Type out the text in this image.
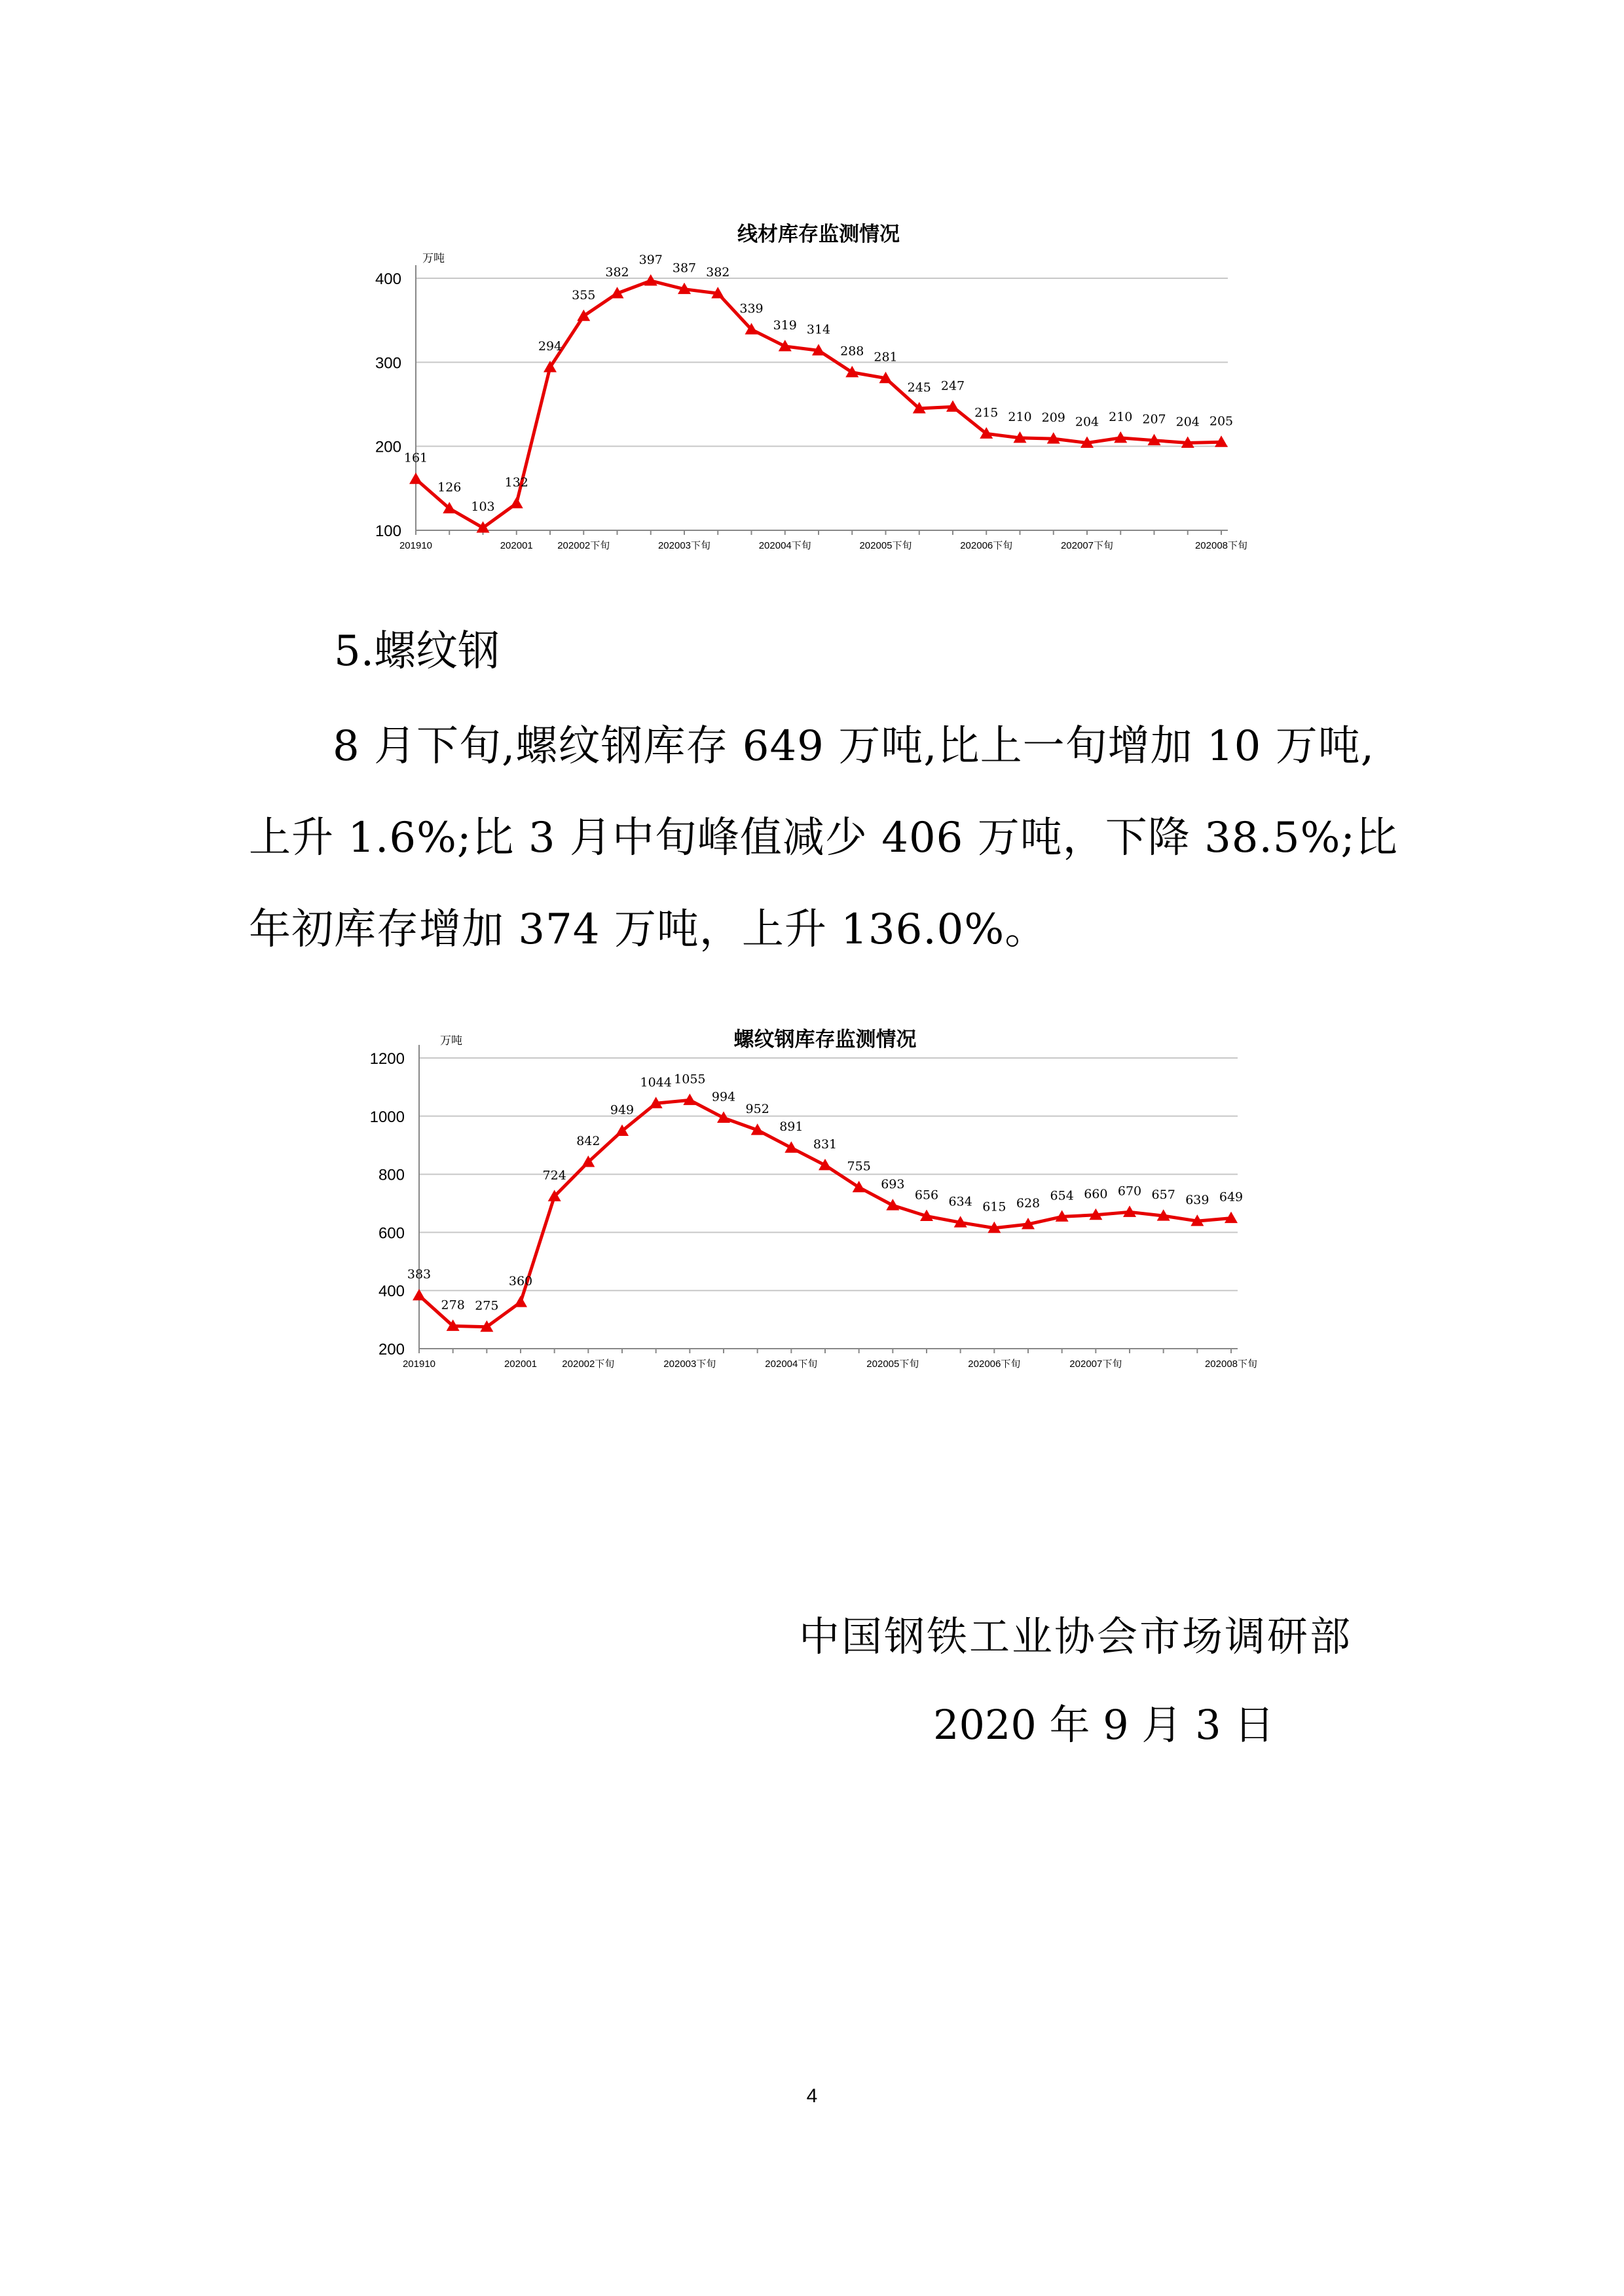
线材库存监测情况
万吨
100
200
300
400
201910	202001 202002下旬	202003下旬	202004下旬	202005下旬	202006下旬	202007下旬	202008下旬
161
126
103
132
294
355
382
397
387 382
339
319 314
288 281
245 247
215 210 209 204 210 207 204 205
5.螺纹钢
8 月下旬,螺纹钢库存 649 万吨,比上一旬增加 10 万吨,
上升 1.6%;比 3 月中旬峰值减少 406 万吨，下降 38.5%;比
年初库存增加 374 万吨，上升 136.0%。
螺纹钢库存监测情况
万吨
200
400
600
800
1000
1200
201910	202001	202002下旬	202003下旬	202004下旬	202005下旬	202006下旬	202007下旬	202008下旬
383
278 275
360
724
842
949
1044 1055
994
952
891
831
755
693
656 634 615 628
654 660 670 657 639 649
中国钢铁工业协会市场调研部
2020 年 9 月 3 日
4
